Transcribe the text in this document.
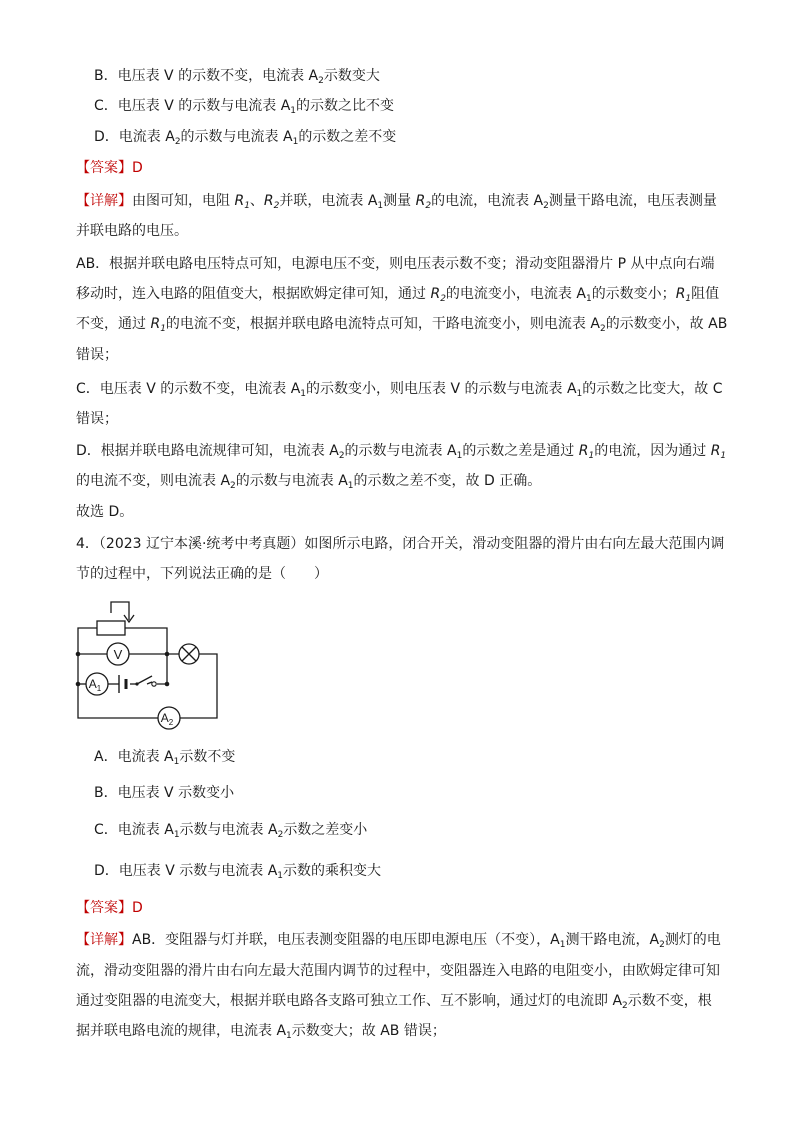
B．电压表 V 的示数不变，电流表 $A_2$示数变大
C．电压表 V 的示数与电流表 $A_1$的示数之比不变
D．电流表 $A_2$的示数与电流表 $A_1$的示数之差不变
【答案】D
【详解】由图可知，电阻 $R_1$、$R_2$并联，电流表 $A_1$测量 $R_2$的电流，电流表 $A_2$测量干路电流，电压表测量
并联电路的电压。
AB．根据并联电路电压特点可知，电源电压不变，则电压表示数不变；滑动变阻器滑片 P 从中点向右端
移动时，连入电路的阻值变大，根据欧姆定律可知，通过 $R_2$的电流变小，电流表 $A_1$的示数变小；$R_1$阻值
不变，通过 $R_1$的电流不变，根据并联电路电流特点可知，干路电流变小，则电流表 $A_2$的示数变小，故 AB
错误；
C．电压表 V 的示数不变，电流表 $A_1$的示数变小，则电压表 V 的示数与电流表 $A_1$的示数之比变大，故 C
错误；
D．根据并联电路电流规律可知，电流表 $A_2$的示数与电流表 $A_1$的示数之差是通过 $R_1$的电流，因为通过 $R_1$
的电流不变，则电流表 $A_2$的示数与电流表 $A_1$的示数之差不变，故 D 正确。
故选 D。
4．（2023 辽宁本溪·统考中考真题）如图所示电路，闭合开关，滑动变阻器的滑片由右向左最大范围内调
节的过程中，下列说法正确的是（　　）
V
$A_1$
$A_2$
A．电流表 $A_1$示数不变
B．电压表 V 示数变小
C．电流表 $A_1$示数与电流表 $A_2$示数之差变小
D．电压表 V 示数与电流表 $A_1$示数的乘积变大
【答案】D
【详解】AB．变阻器与灯并联，电压表测变阻器的电压即电源电压（不变），$A_1$测干路电流，$A_2$测灯的电
流，滑动变阻器的滑片由右向左最大范围内调节的过程中，变阻器连入电路的电阻变小，由欧姆定律可知
通过变阻器的电流变大，根据并联电路各支路可独立工作、互不影响，通过灯的电流即 $A_2$示数不变，根
据并联电路电流的规律，电流表 $A_1$示数变大；故 AB 错误；
